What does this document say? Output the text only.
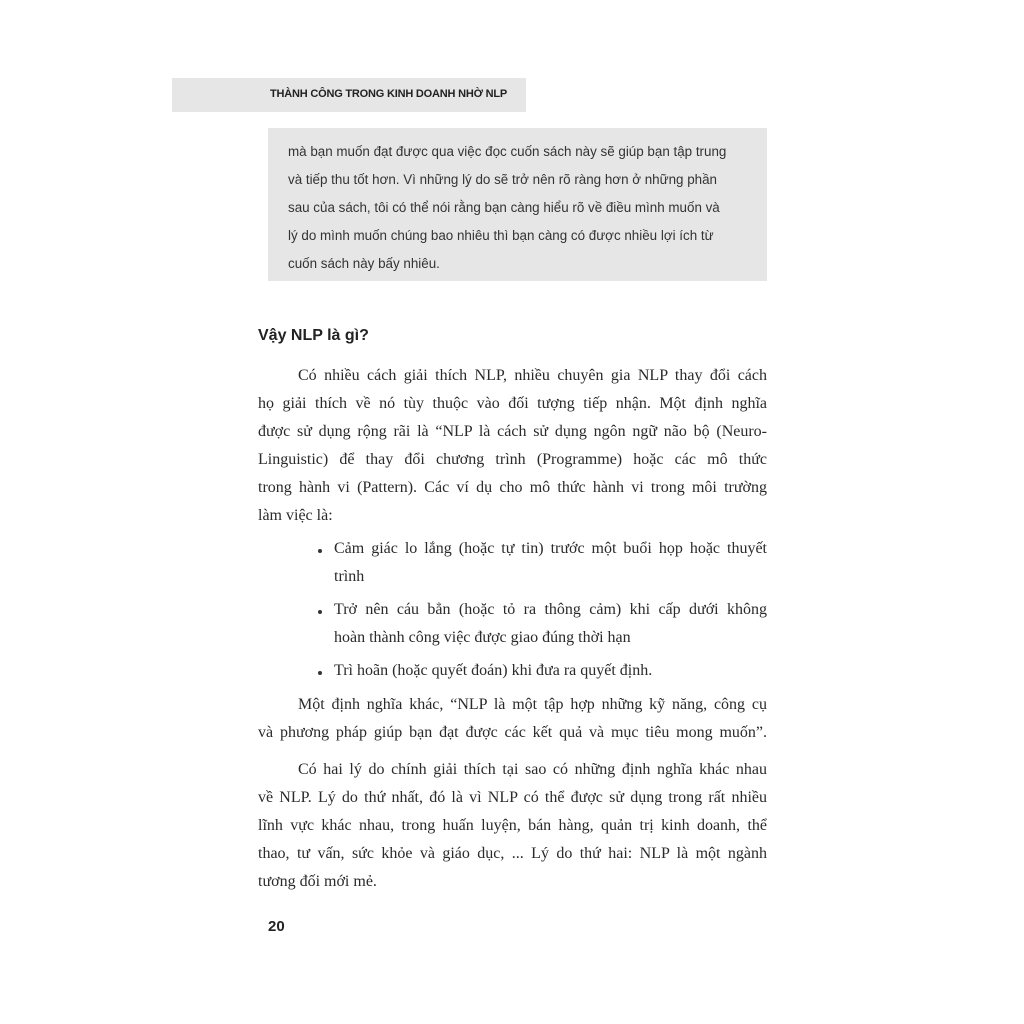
THÀNH CÔNG TRONG KINH DOANH NHỜ NLP
mà bạn muốn đạt được qua việc đọc cuốn sách này sẽ giúp bạn tập trung
và tiếp thu tốt hơn. Vì những lý do sẽ trở nên rõ ràng hơn ở những phần
sau của sách, tôi có thể nói rằng bạn càng hiểu rõ về điều mình muốn và
lý do mình muốn chúng bao nhiêu thì bạn càng có được nhiều lợi ích từ
cuốn sách này bấy nhiêu.
Vậy NLP là gì?
Có nhiều cách giải thích NLP, nhiều chuyên gia NLP thay đổi cách
họ giải thích về nó tùy thuộc vào đối tượng tiếp nhận. Một định nghĩa
được sử dụng rộng rãi là “NLP là cách sử dụng ngôn ngữ não bộ (Neuro-
Linguistic) để thay đổi chương trình (Programme) hoặc các mô thức
trong hành vi (Pattern). Các ví dụ cho mô thức hành vi trong môi trường
làm việc là:
Cảm giác lo lắng (hoặc tự tin) trước một buổi họp hoặc thuyết
trình
Trở nên cáu bẳn (hoặc tỏ ra thông cảm) khi cấp dưới không
hoàn thành công việc được giao đúng thời hạn
Trì hoãn (hoặc quyết đoán) khi đưa ra quyết định.
Một định nghĩa khác, “NLP là một tập hợp những kỹ năng, công cụ
và phương pháp giúp bạn đạt được các kết quả và mục tiêu mong muốn”.
Có hai lý do chính giải thích tại sao có những định nghĩa khác nhau
về NLP. Lý do thứ nhất, đó là vì NLP có thể được sử dụng trong rất nhiều
lĩnh vực khác nhau, trong huấn luyện, bán hàng, quản trị kinh doanh, thể
thao, tư vấn, sức khỏe và giáo dục, ... Lý do thứ hai: NLP là một ngành
tương đối mới mẻ.
20
